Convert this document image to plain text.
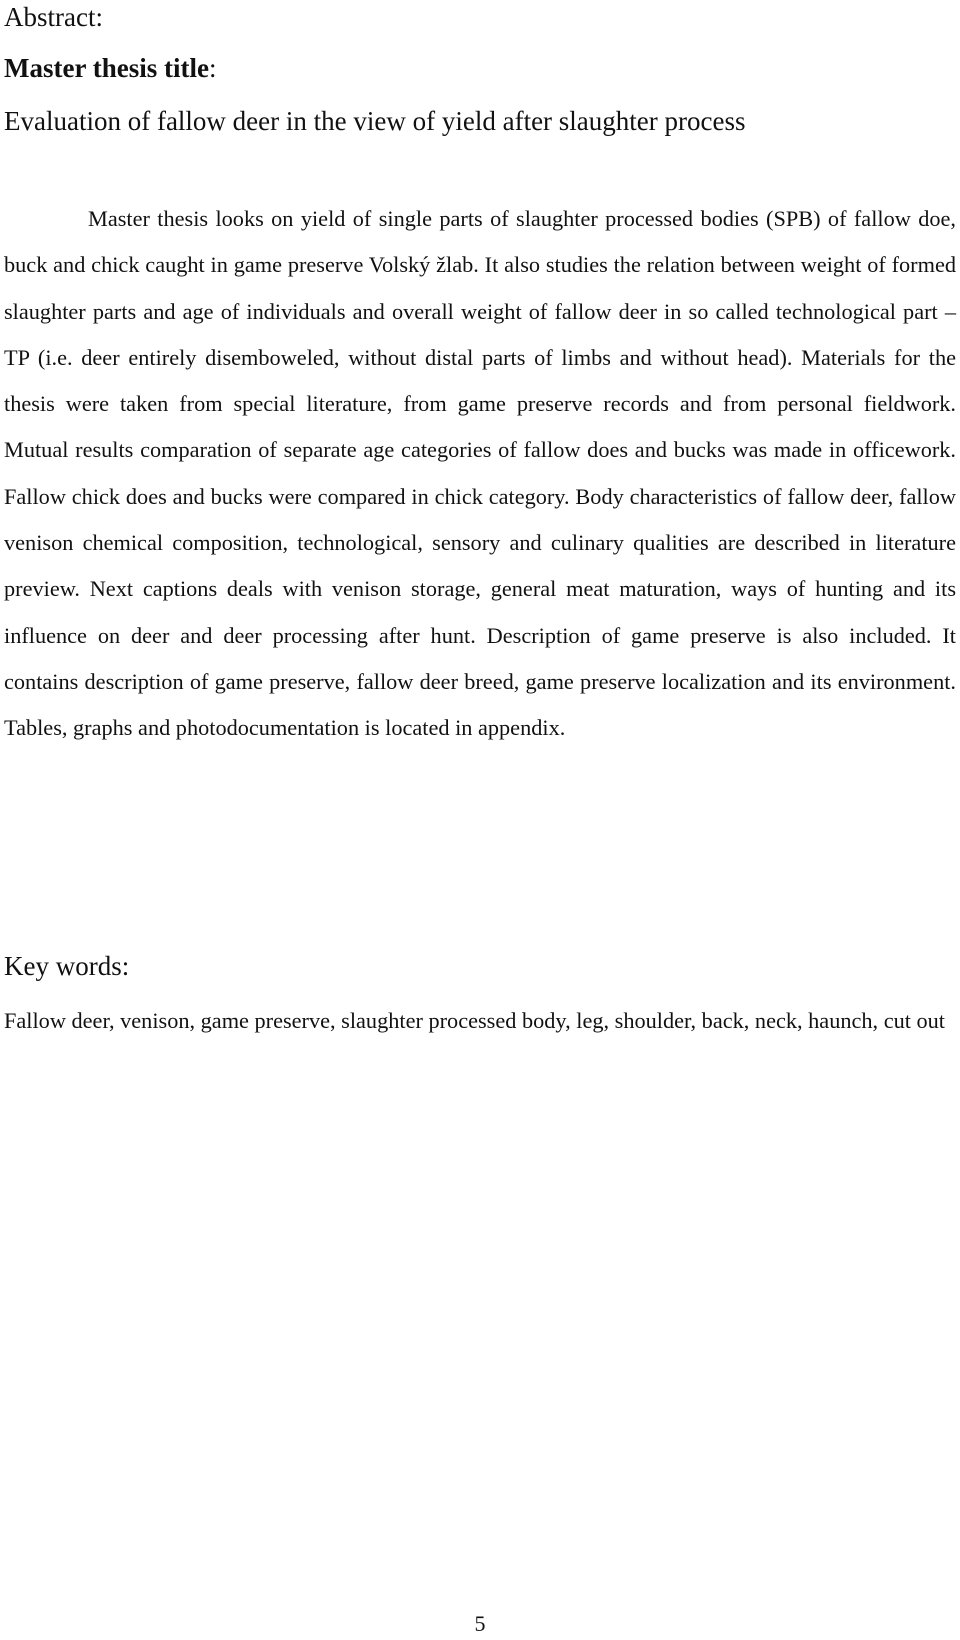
Abstract:

Master thesis title:

Evaluation of fallow deer in the view of yield after slaughter process

Master thesis looks on yield of single parts of slaughter processed bodies (SPB) of fallow doe, buck and chick caught in game preserve Volský žlab. It also studies the relation between weight of formed slaughter parts and age of individuals and overall weight of fallow deer in so called technological part – TP (i.e. deer entirely disemboweled, without distal parts of limbs and without head). Materials for the thesis were taken from special literature, from game preserve records and from personal fieldwork. Mutual results comparation of separate age categories of fallow does and bucks was made in officework. Fallow chick does and bucks were compared in chick category. Body characteristics of fallow deer, fallow venison chemical composition, technological, sensory and culinary qualities are described in literature preview. Next captions deals with venison storage, general meat maturation, ways of hunting and its influence on deer and deer processing after hunt. Description of game preserve is also included. It contains description of game preserve, fallow deer breed, game preserve localization and its environment. Tables, graphs and photodocumentation is located in appendix.

Key words:

Fallow deer, venison, game preserve, slaughter processed body, leg, shoulder, back, neck, haunch, cut out

5
